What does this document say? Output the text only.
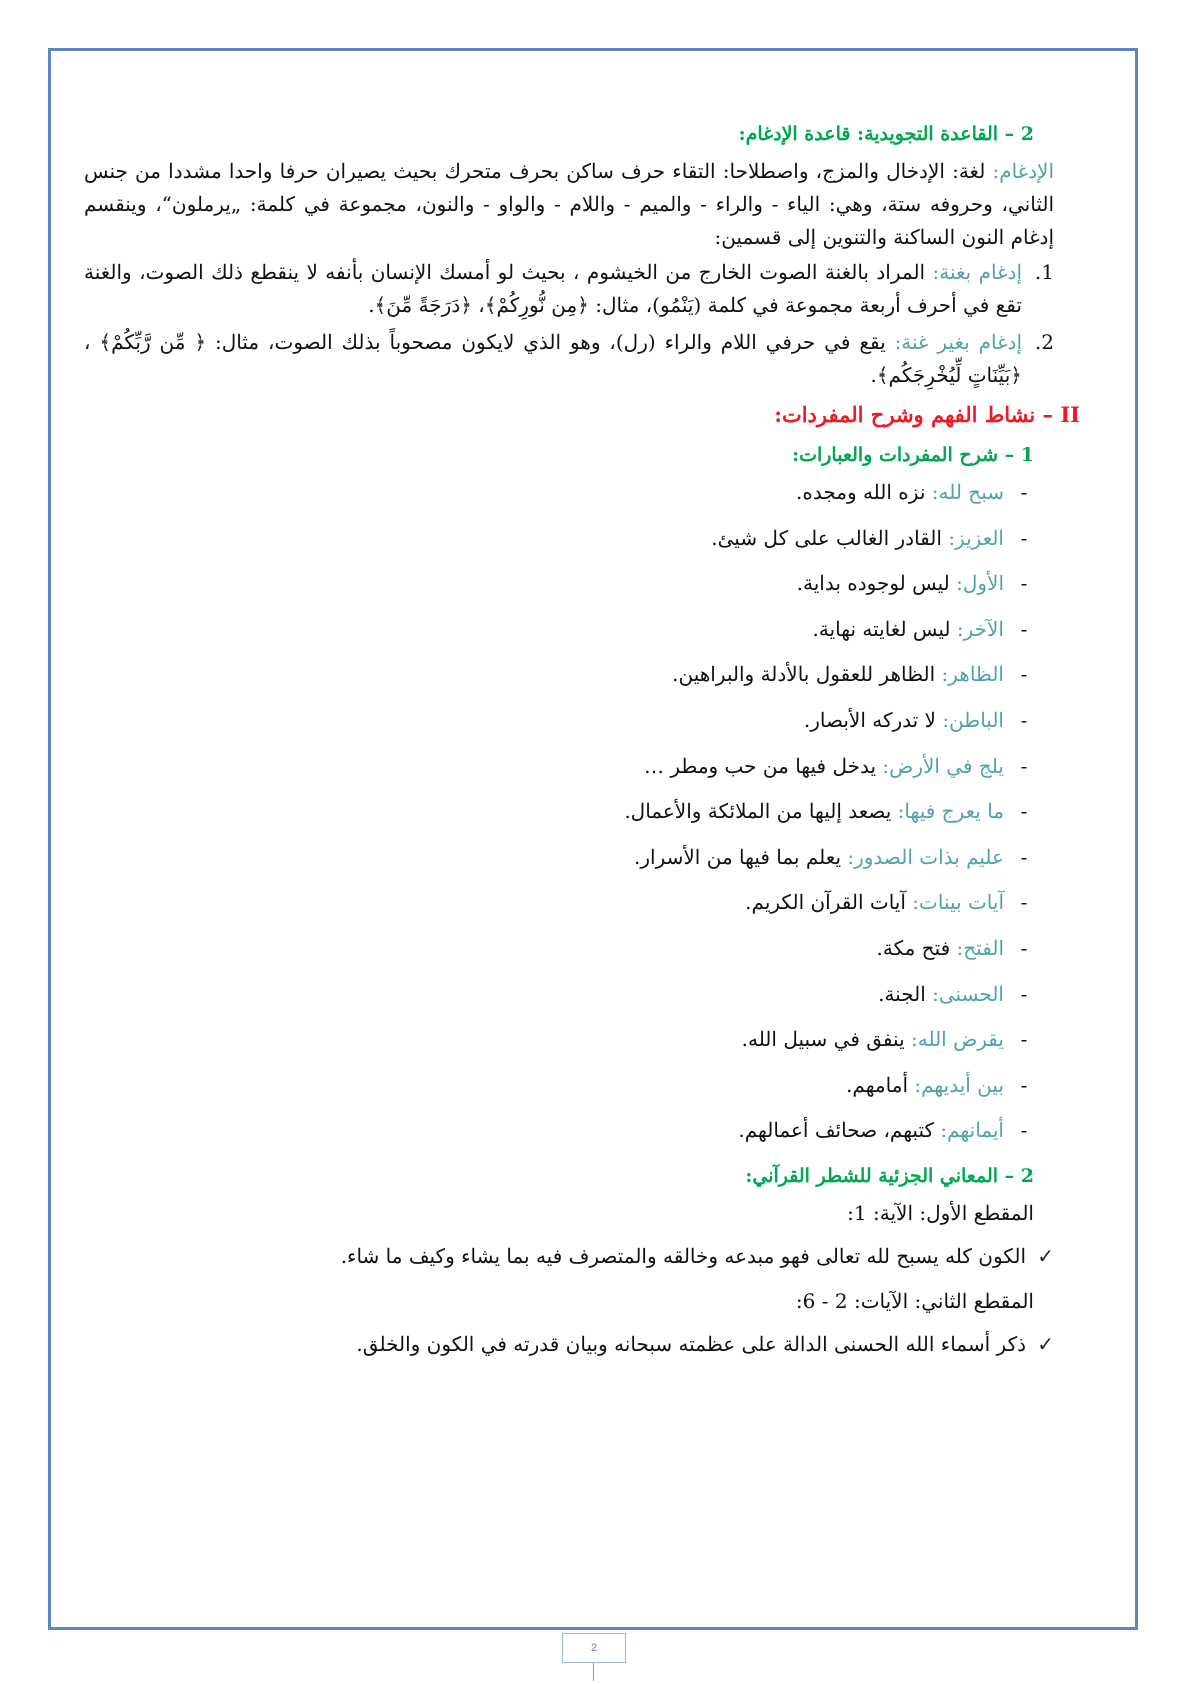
2 – القاعدة التجويدية: قاعدة الإدغام:

الإدغام: لغة: الإدخال والمزج، واصطلاحا: التقاء حرف ساكن بحرف متحرك بحيث يصيران حرفا واحدا مشددا من جنس الثاني، وحروفه ستة، وهي: الياء - والراء - والميم - واللام - والواو - والنون، مجموعة في كلمة: „يرملون“، وينقسم إدغام النون الساكنة والتنوين إلى قسمين:

1.
إدغام بغنة: المراد بالغنة الصوت الخارج من الخيشوم ، بحيث لو أمسك الإنسان بأنفه لا ينقطع ذلك الصوت، والغنة تقع في أحرف أربعة مجموعة في كلمة (يَنْمُو)، مثال: ﴿مِن نُّورِكُمْ﴾، ﴿دَرَجَةً مِّنَ﴾.
2.
إدغام بغير غنة: يقع في حرفي اللام والراء (رل)، وهو الذي لايكون مصحوباً بذلك الصوت، مثال: ﴿ مِّن رَّبِّكُمْ﴾ ، ﴿بَيِّنَاتٍ لِّيُخْرِجَكُم﴾.
II – نشاط الفهم وشرح المفردات:
1 – شرح المفردات والعبارات:
-
سبح لله: نزه الله ومجده.
-
العزيز: القادر الغالب على كل شيئ.
-
الأول: ليس لوجوده بداية.
-
الآخر: ليس لغايته نهاية.
-
الظاهر: الظاهر للعقول بالأدلة والبراهين.
-
الباطن: لا تدركه الأبصار.
-
يلج في الأرض: يدخل فيها من حب ومطر …
-
ما يعرج فيها: يصعد إليها من الملائكة والأعمال.
-
عليم بذات الصدور: يعلم بما فيها من الأسرار.
-
آيات بينات: آيات القرآن الكريم.
-
الفتح: فتح مكة.
-
الحسنى: الجنة.
-
يقرض الله: ينفق في سبيل الله.
-
بين أيديهم: أمامهم.
-
أيمانهم: كتبهم، صحائف أعمالهم.
2 – المعاني الجزئية للشطر القرآني:
المقطع الأول: الآية: 1:
✓
الكون كله يسبح لله تعالى فهو مبدعه وخالقه والمتصرف فيه بما يشاء وكيف ما شاء.
المقطع الثاني: الآيات: 2 - 6:
✓
ذكر أسماء الله الحسنى الدالة على عظمته سبحانه وبيان قدرته في الكون والخلق.
2
